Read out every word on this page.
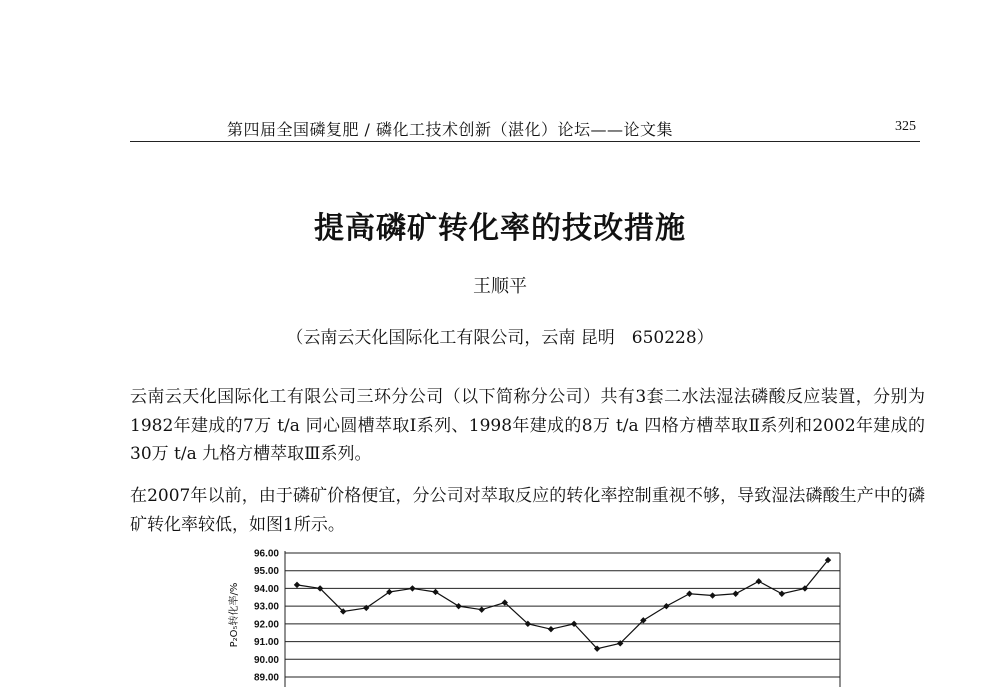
第四届全国磷复肥 / 磷化工技术创新（湛化）论坛——论文集	325
提高磷矿转化率的技改措施
王顺平
（云南云天化国际化工有限公司，云南 昆明　650228）

云南云天化国际化工有限公司三环分公司（以下简称分公司）共有3套二水法湿法磷酸反应装置，分别为1982年建成的7万 t/a 同心圆槽萃取Ⅰ系列、1998年建成的8万 t/a 四格方槽萃取Ⅱ系列和2002年建成的30万 t/a 九格方槽萃取Ⅲ系列。

在2007年以前，由于磷矿价格便宜，分公司对萃取反应的转化率控制重视不够，导致湿法磷酸生产中的磷矿转化率较低，如图1所示。

96.00
95.00
94.00
93.00
92.00
91.00
90.00
89.00
P₂O₅转化率/%
